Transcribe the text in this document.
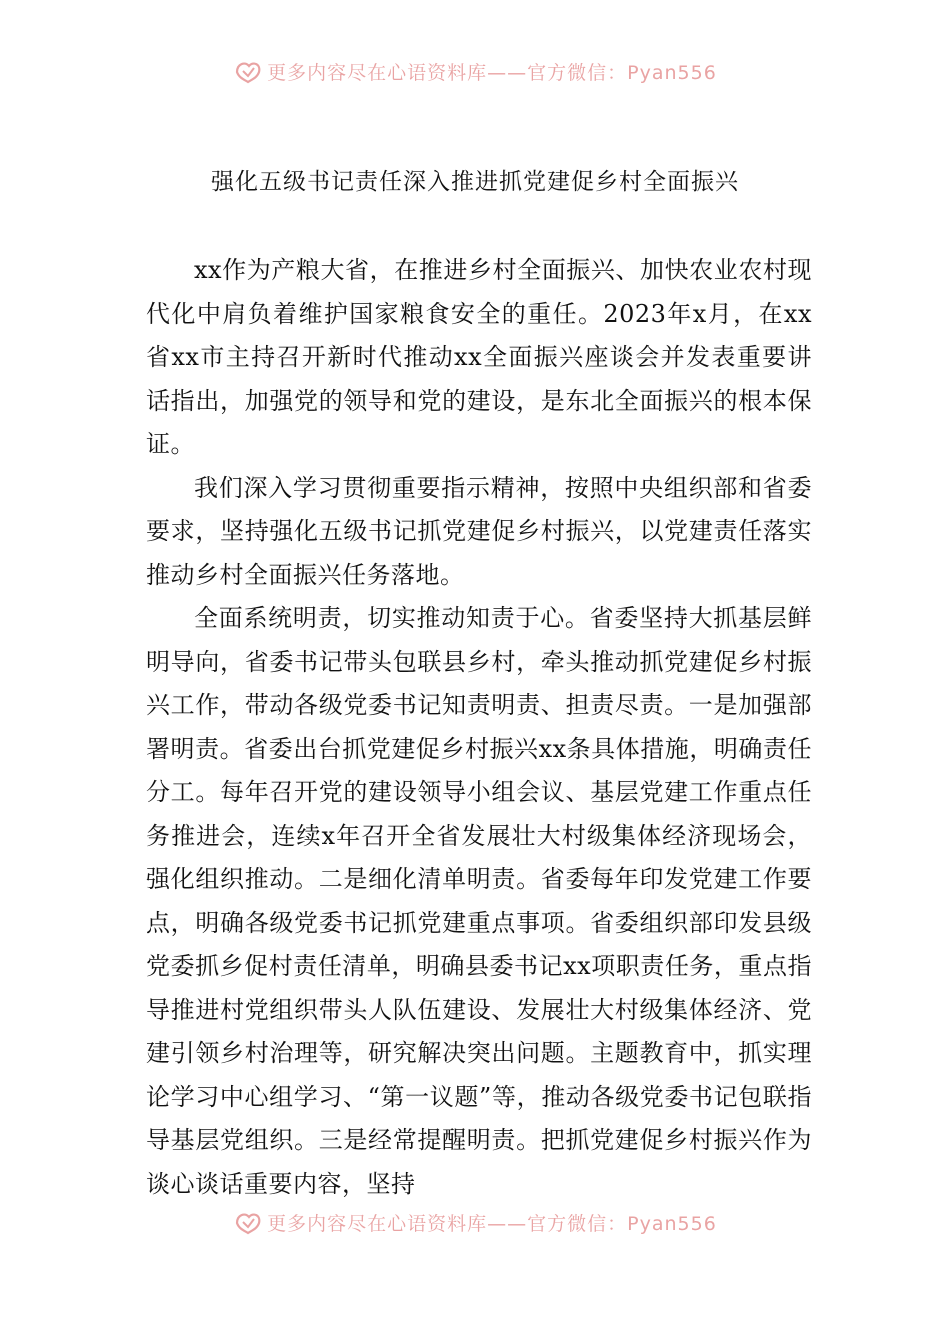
更多内容尽在心语资料库——官方微信：Pyan556
强化五级书记责任深入推进抓党建促乡村全面振兴

xx作为产粮大省，在推进乡村全面振兴、加快农业农村现代化中肩负着维护国家粮食安全的重任。2023年x月，在xx省xx市主持召开新时代推动xx全面振兴座谈会并发表重要讲话指出，加强党的领导和党的建设，是东北全面振兴的根本保证。

我们深入学习贯彻重要指示精神，按照中央组织部和省委要求，坚持强化五级书记抓党建促乡村振兴，以党建责任落实推动乡村全面振兴任务落地。

全面系统明责，切实推动知责于心。省委坚持大抓基层鲜明导向，省委书记带头包联县乡村，牵头推动抓党建促乡村振兴工作，带动各级党委书记知责明责、担责尽责。一是加强部署明责。省委出台抓党建促乡村振兴xx条具体措施，明确责任分工。每年召开党的建设领导小组会议、基层党建工作重点任务推进会，连续x年召开全省发展壮大村级集体经济现场会，强化组织推动。二是细化清单明责。省委每年印发党建工作要点，明确各级党委书记抓党建重点事项。省委组织部印发县级党委抓乡促村责任清单，明确县委书记xx项职责任务，重点指导推进村党组织带头人队伍建设、发展壮大村级集体经济、党建引领乡村治理等，研究解决突出问题。主题教育中，抓实理论学习中心组学习、“第一议题”等，推动各级党委书记包联指导基层党组织。三是经常提醒明责。把抓党建促乡村振兴作为谈心谈话重要内容，坚持

更多内容尽在心语资料库——官方微信：Pyan556
